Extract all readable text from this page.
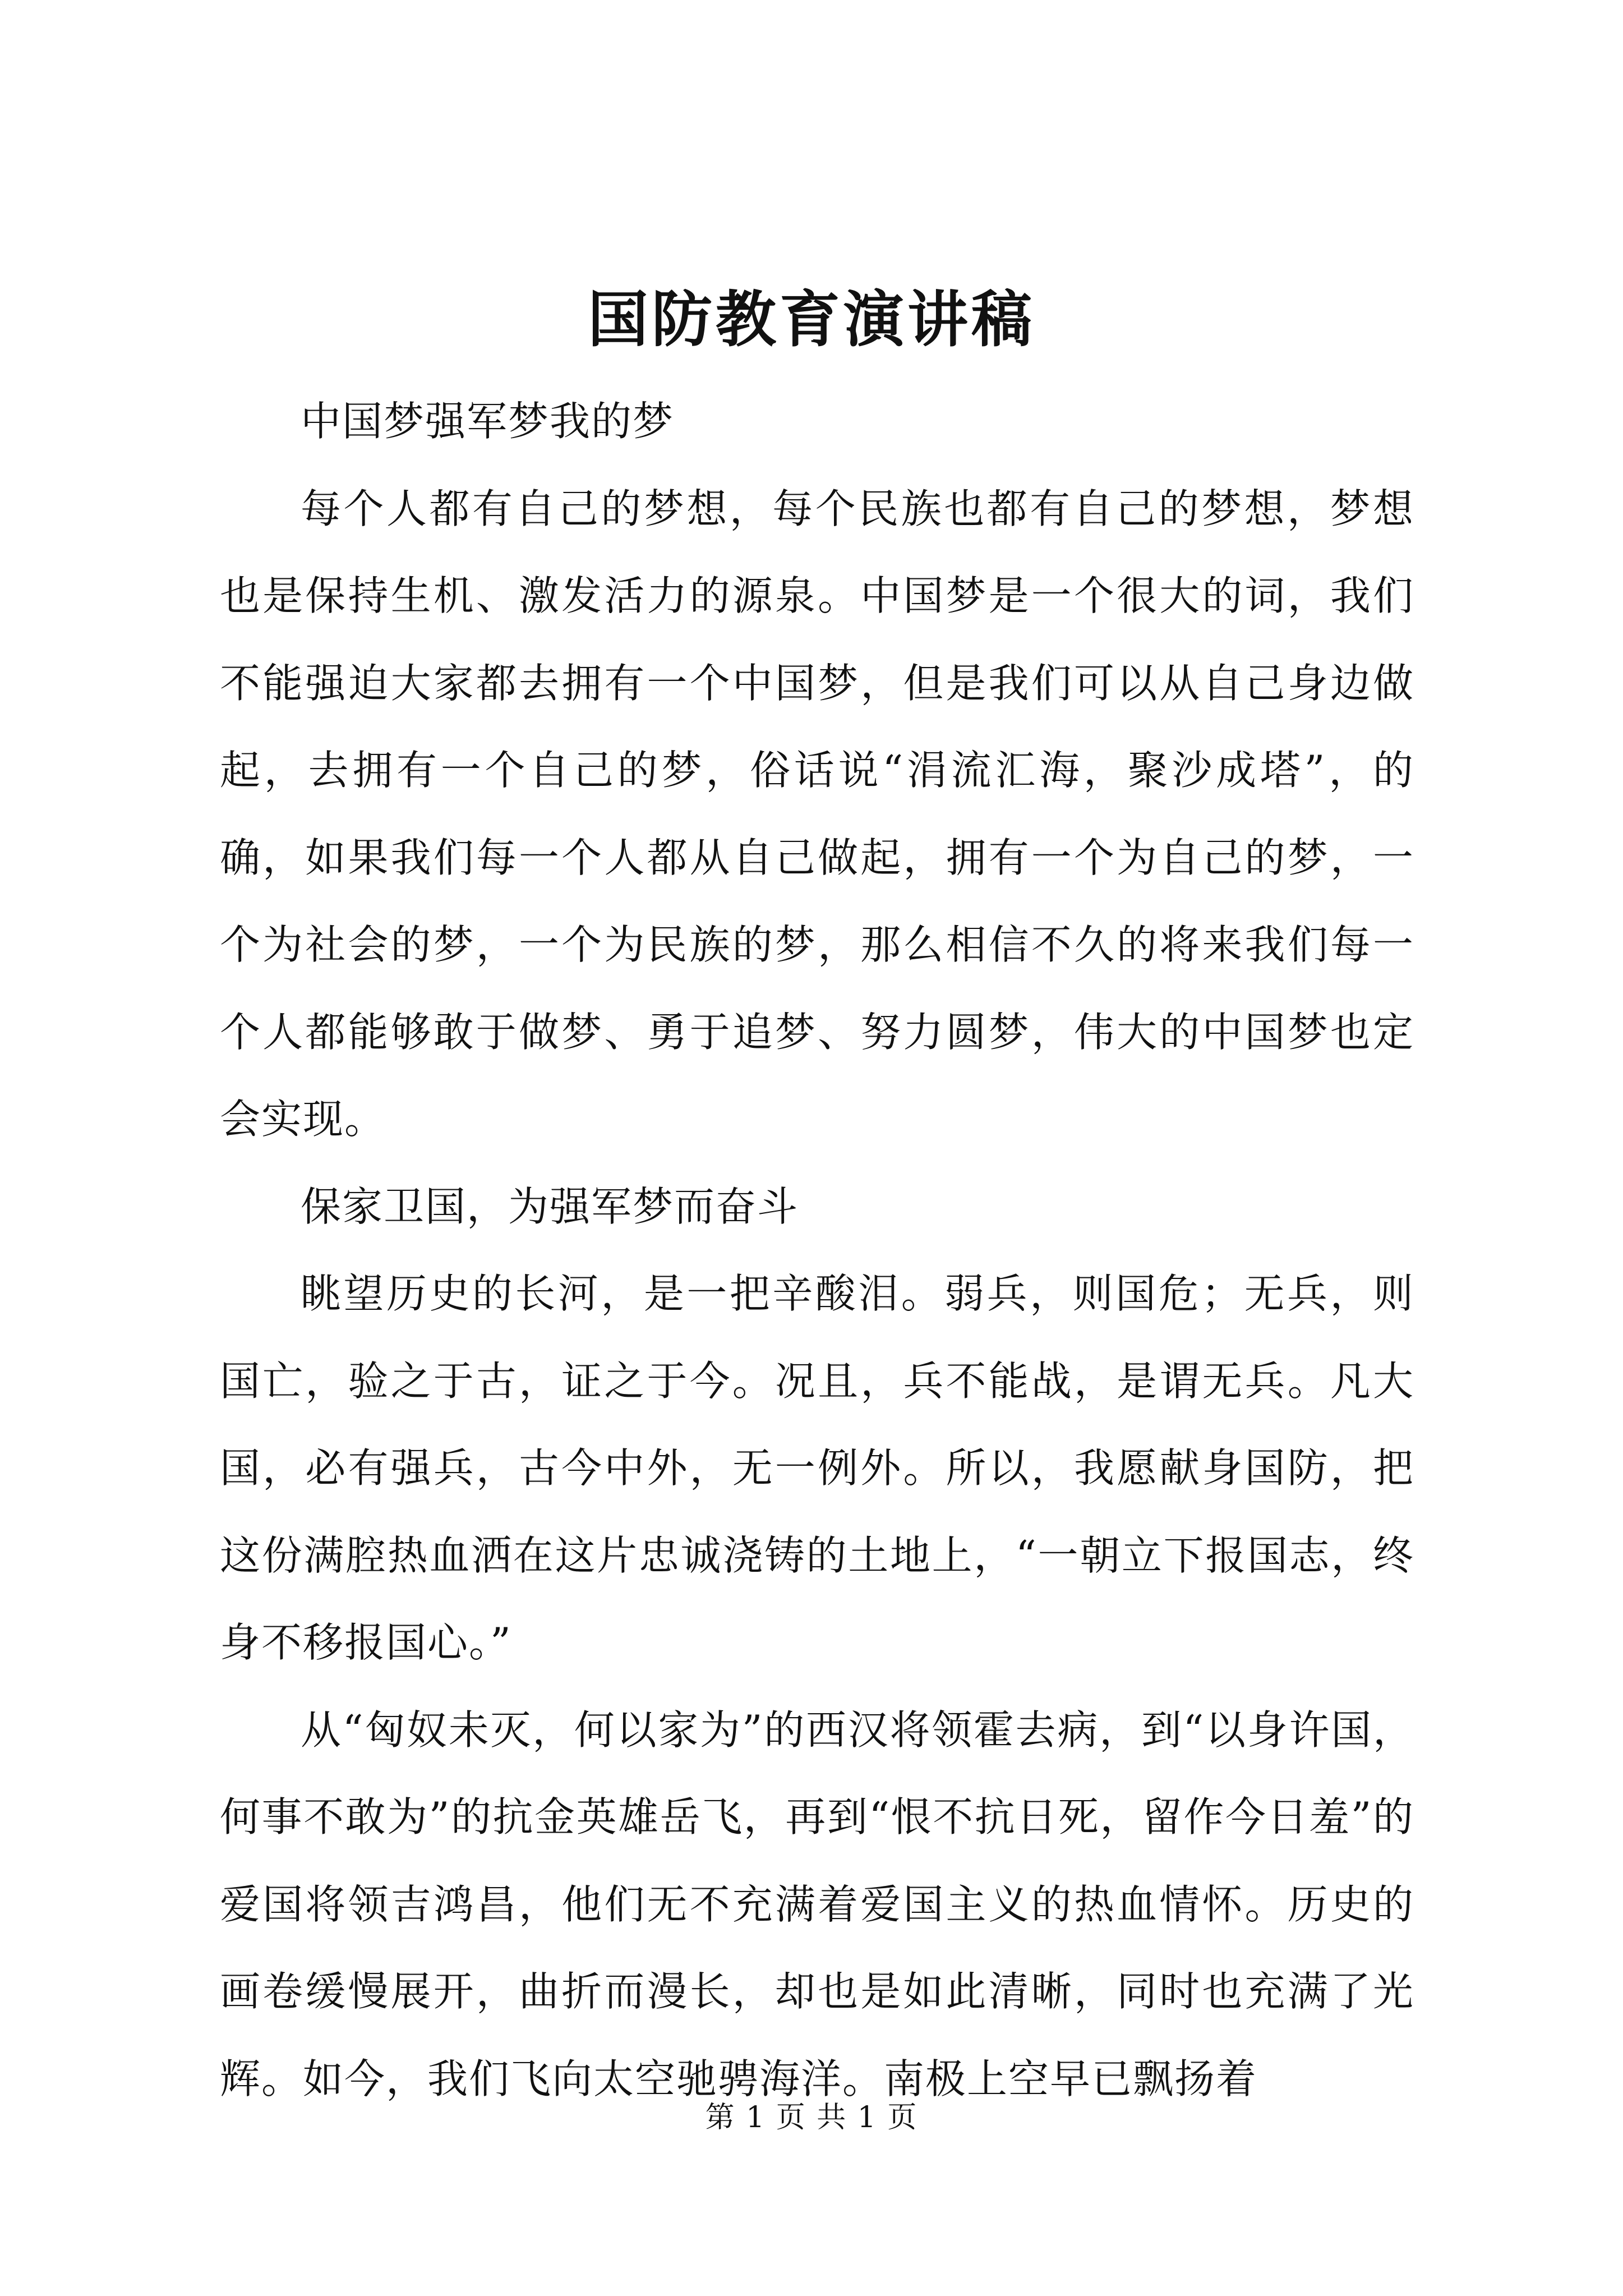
国防教育演讲稿

中国梦强军梦我的梦

每个人都有自己的梦想，每个民族也都有自己的梦想，梦想也是保持生机、激发活力的源泉。中国梦是一个很大的词，我们不能强迫大家都去拥有一个中国梦，但是我们可以从自己身边做起，去拥有一个自己的梦，俗话说“涓流汇海，聚沙成塔”，的确，如果我们每一个人都从自己做起，拥有一个为自己的梦，一个为社会的梦，一个为民族的梦，那么相信不久的将来我们每一个人都能够敢于做梦、勇于追梦、努力圆梦，伟大的中国梦也定会实现。

保家卫国，为强军梦而奋斗

眺望历史的长河，是一把辛酸泪。弱兵，则国危；无兵，则国亡，验之于古，证之于今。况且，兵不能战，是谓无兵。凡大国，必有强兵，古今中外，无一例外。所以，我愿献身国防，把这份满腔热血洒在这片忠诚浇铸的土地上，“一朝立下报国志，终身不移报国心。”

从“匈奴未灭，何以家为”的西汉将领霍去病，到“以身许国，何事不敢为”的抗金英雄岳飞，再到“恨不抗日死，留作今日羞”的爱国将领吉鸿昌，他们无不充满着爱国主义的热血情怀。历史的画卷缓慢展开，曲折而漫长，却也是如此清晰，同时也充满了光辉。如今，我们飞向太空驰骋海洋。南极上空早已飘扬着

第 1 页 共 1 页
